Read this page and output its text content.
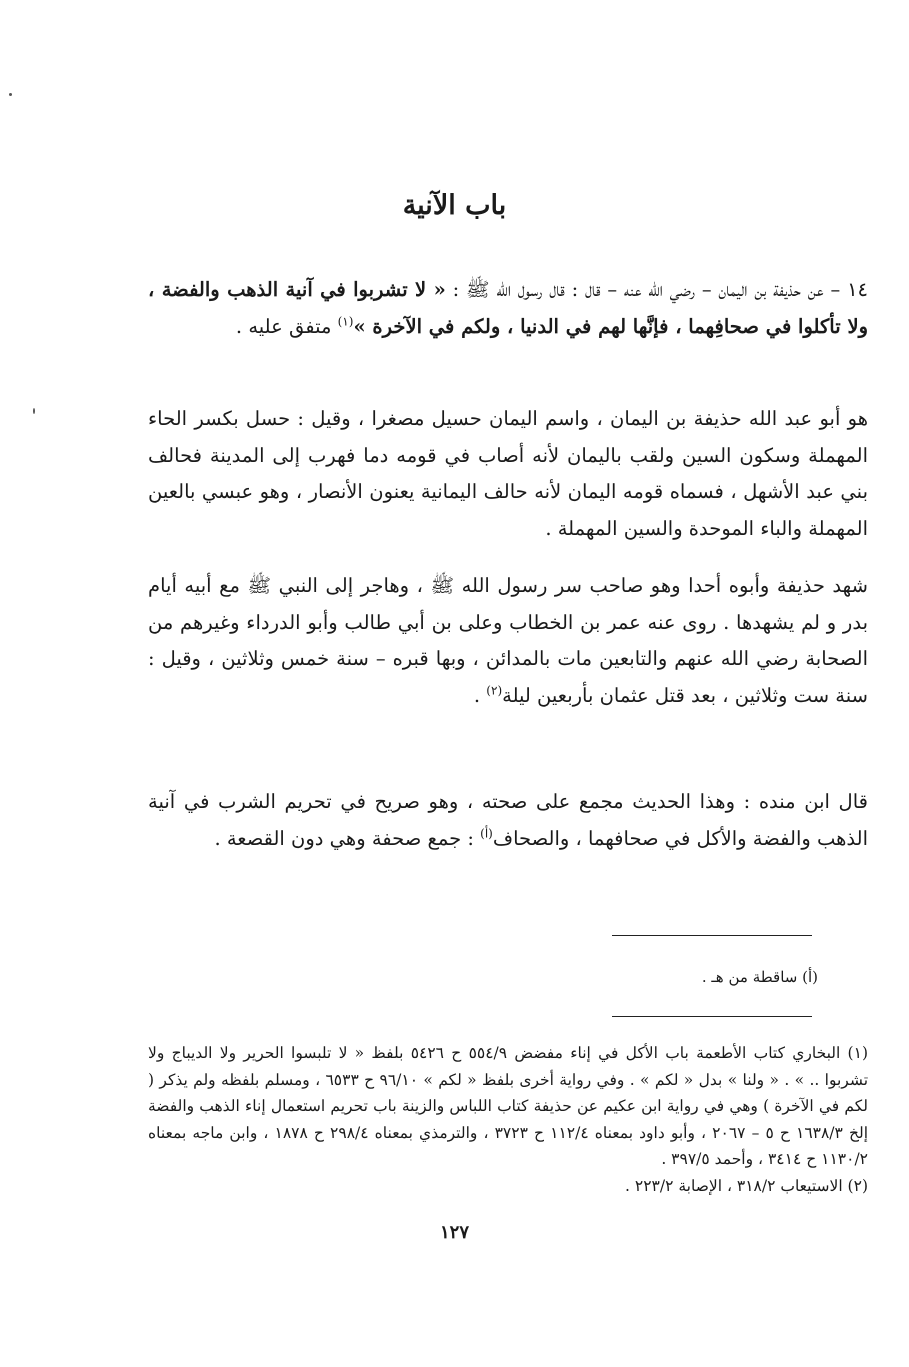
باب الآنية

١٤ – عن حذيفة بن اليمان – رضي الله عنه – قال : قال رسول الله ﷺ : « لا تشربوا في آنية الذهب والفضة ، ولا تأكلوا في صحافِهما ، فإنَّها لهم في الدنيا ، ولكم في الآخرة »$^{(١)}$ متفق عليه .

هو أبو عبد الله حذيفة بن اليمان ، واسم اليمان حسيل مصغرا ، وقيل : حسل بكسر الحاء المهملة وسكون السين ولقب باليمان لأنه أصاب في قومه دما فهرب إلى المدينة فحالف بني عبد الأشهل ، فسماه قومه اليمان لأنه حالف اليمانية يعنون الأنصار ، وهو عبسي بالعين المهملة والباء الموحدة والسين المهملة .

شهد حذيفة وأبوه أحدا وهو صاحب سر رسول الله ﷺ ، وهاجر إلى النبي ﷺ مع أبيه أيام بدر و لم يشهدها . روى عنه عمر بن الخطاب وعلى بن أبي طالب وأبو الدرداء وغيرهم من الصحابة رضي الله عنهم والتابعين مات بالمدائن ، وبها قبره – سنة خمس وثلاثين ، وقيل : سنة ست وثلاثين ، بعد قتل عثمان بأربعين ليلة$^{(٢)}$ .

قال ابن منده : وهذا الحديث مجمع على صحته ، وهو صريح في تحريم الشرب في آنية الذهب والفضة والأكل في صحافهما ، والصحاف$^{(أ)}$ : جمع صحفة وهي دون القصعة .

(أ) ساقطة من هـ .

(١) البخاري كتاب الأطعمة باب الأكل في إناء مفضض ٥٥٤/٩ ح ٥٤٢٦ بلفظ « لا تلبسوا الحرير ولا الديباج ولا تشربوا .. » . « ولنا » بدل « لكم » . وفي رواية أخرى بلفظ « لكم » ٩٦/١٠ ح ٦٥٣٣ ، ومسلم بلفظه ولم يذكر ( لكم في الآخرة ) وهي في رواية ابن عكيم عن حذيفة كتاب اللباس والزينة باب تحريم استعمال إناء الذهب والفضة إلخ ١٦٣٨/٣ ح ٥ – ٢٠٦٧ ، وأبو داود بمعناه ١١٢/٤ ح ٣٧٢٣ ، والترمذي بمعناه ٢٩٨/٤ ح ١٨٧٨ ، وابن ماجه بمعناه ١١٣٠/٢ ح ٣٤١٤ ، وأحمد ٣٩٧/٥ .

(٢) الاستيعاب ٣١٨/٢ ، الإصابة ٢٢٣/٢ .

١٢٧
